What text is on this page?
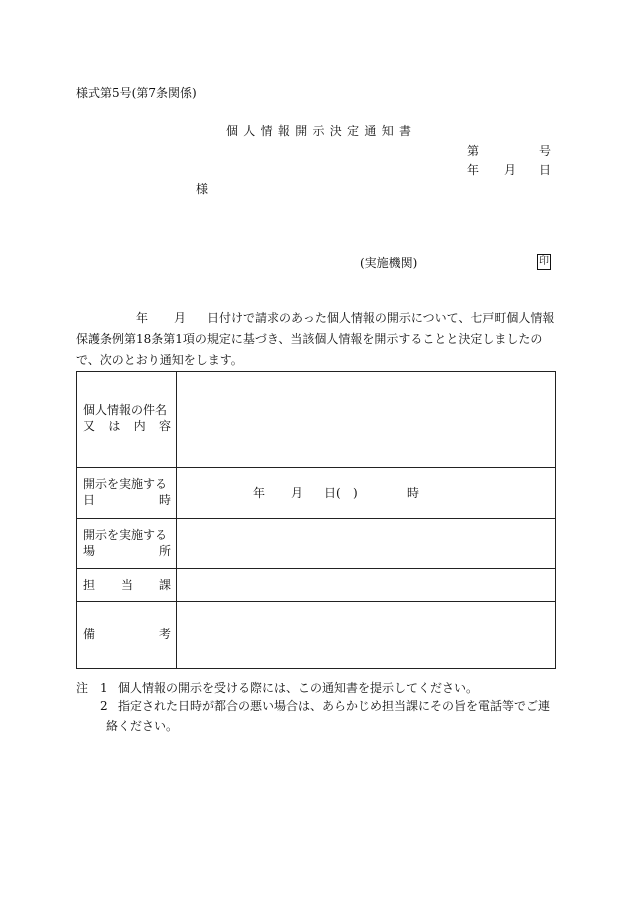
様式第5号(第7条関係)
個人情報開示決定通知書
第	号
年 月 日
様
(実施機関)	印
年 月 日付けで請求のあった個人情報の開示について、七戸町個人情報
保護条例第18条第1項の規定に基づき、当該個人情報を開示することと決定しましたの
で、次のとおり通知をします。
個人情報の件名
又 は 内 容
開示を実施する
日	時	年 月 日( )	時
開示を実施する
場	所
担 当 課
備	考
注 1 個人情報の開示を受ける際には、この通知書を提示してください。
2 指定された日時が都合の悪い場合は、あらかじめ担当課にその旨を電話等でご連
絡ください。
